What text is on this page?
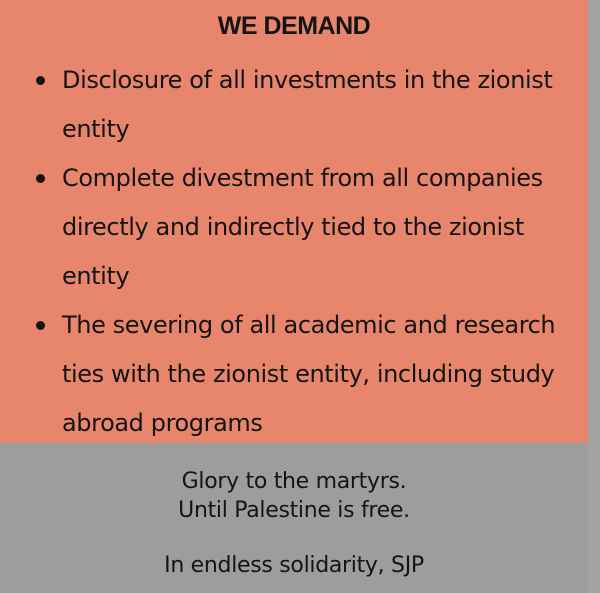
WE DEMAND
Disclosure of all investments in the zionist entity
Complete divestment from all companies directly and indirectly tied to the zionist entity
The severing of all academic and research ties with the zionist entity, including study abroad programs
Glory to the martyrs.
Until Palestine is free.
In endless solidarity, SJP
